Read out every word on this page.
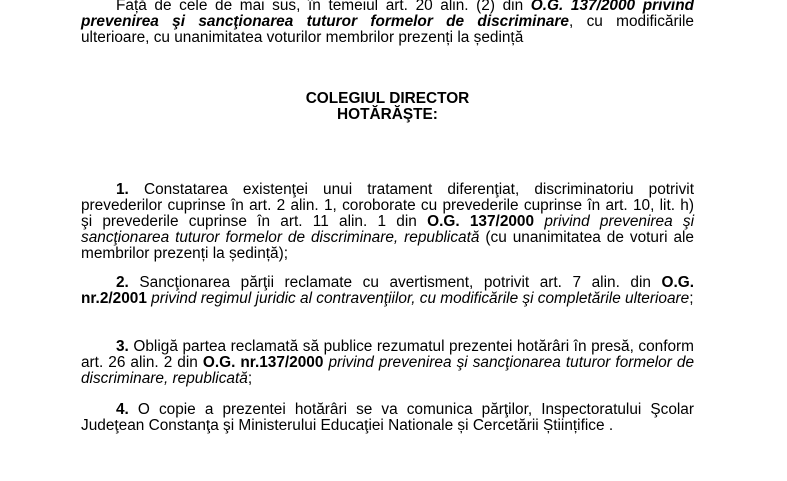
Față de cele de mai sus, în temeiul art. 20 alin. (2) din O.G. 137/2000 privind prevenirea şi sancţionarea tuturor formelor de discriminare, cu modificările ulterioare, cu unanimitatea voturilor membrilor prezenți la ședință

COLEGIUL DIRECTOR
HOTĂRĂŞTE:

1. Constatarea existenţei unui tratament diferenţiat, discriminatoriu potrivit prevederilor cuprinse în art. 2 alin. 1, coroborate cu prevederile cuprinse în art. 10, lit. h) şi prevederile cuprinse în art. 11 alin. 1 din O.G. 137/2000 privind prevenirea şi sancţionarea tuturor formelor de discriminare, republicată (cu unanimitatea de voturi ale membrilor prezenți la ședință);

2. Sancţionarea părţii reclamate cu avertisment, potrivit art. 7 alin. din O.G. nr.2/2001 privind regimul juridic al contravenţiilor, cu modificările şi completările ulterioare;

3. Obligă partea reclamată să publice rezumatul prezentei hotărâri în presă, conform art. 26 alin. 2 din O.G. nr.137/2000 privind prevenirea şi sancţionarea tuturor formelor de discriminare, republicată;

4. O copie a prezentei hotărâri se va comunica părţilor, Inspectoratului Şcolar Judeţean Constanţa şi Ministerului Educaţiei Nationale și Cercetării Științifice .
